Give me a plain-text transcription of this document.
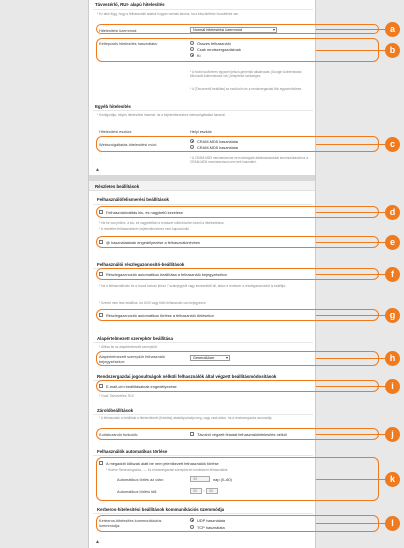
Távvezérlő, RUI- alapú hitelesítés
* Ez attól függ, hogy a felhasználói adatok hogyan vannak tárolva, ha a készülékhez hozzáférés van
Hitelesítési üzemmód:	Normál hitelesítési üzemmód ▾
Kétlépcsős hitelesítés használata:	Összes felhasználó
Csak rendszergazdáknak
Ki
* A mobil szoftveres egyszeri jelszó-generáló alkalmazás (Google Authenticator, Microsoft Authenticator stb.) telepítése szükséges.
* A [Távvezérlő beállítás] az eszközön és a rendszergazdai fiók egyszerűsítése.
Egyéb hitelesítés
* Konfigurálja, milyen hitelesítést használ, ha a bejelentkezéshez webszolgáltatást használ.
Hitelesítési eszköz:	Helyi eszköz
Webszolgáltatás-hitelesítési mód:
CRAM-MD5 használata
CRAM-MD5 használata
* A CRAM-MD5 mechanizmust nem támogató alkalmazásokkal kommunikációhoz a CRAM-MD5 mechanizmust nem kell használni.
▲
Részletes beállítások
Felhasználófelismerési beállítások
Felhasználóváltás kis- és nagybetű kezelése
* Ha be van jelölve, a kis- és nagybetűket a rendszer különbözően kezeli a hitelesítéskor.
* A részletes felhasználónév bejelentkezéshez nem kapcsolódik.
@ használatának engedélyezése a felhasználónévben
Felhasználói részlegazonosító-beállítások
Részlegazonosító automatikus beállítása a felhasználó bejegyzésekor
* Ha a felhasználónév és a hozzá tartozó jelszó 7 számjegyből vagy kevesebből áll, akkor a rendszer a részlegazonosítót is beállítja.
* Szerint nem lesz beállítva, ha 1000 vagy több felhasználó van bejegyezve.
Részlegazonosító automatikus törlése a felhasználó törlésekor
Alapértelmezett szerepkör beállítása
* Állítsa be az alapértelmezett szerepkört.
Alapértelmezett szerepkör felhasználó bejegyzésekor:
GeneralUser ▾
Rendszergazdai jogosultságok nélküli felhasználók által végzett beállításmódosítások
E-mail-cím beállításainak engedélyezése
* Csak Távvezérlés, RUI
Zárolóbeállítások
* A felhasználó a beállítást a hitelesítésnél (feloldás) akadályozhatja meg, vagy csak akkor, ha a rendszergazda azonosítja.
Korlátozandó funkciók:	Távolról végzett feladat felhasználóhitelesítés nélkül
Felhasználók automatikus törlése
A megadott időszak alatt be nem jelentkezett felhasználók törlése
* Kivéve Rendszergazda, ---- és rendszergazdai szerepkörrel rendelkező felhasználók.
Automatikus törlés az után:	30	nap (0–60)
Automatikus törlési idő:	00	:	00
Kerberos-hitelesítési beállítások kommunikációs üzemmódja
Kerberos-hitelesítés kommunikációs üzemmódja:
UDP használata
TCP használata
▲
a
b
c
d
e
f
g
h
i
j
k
l
